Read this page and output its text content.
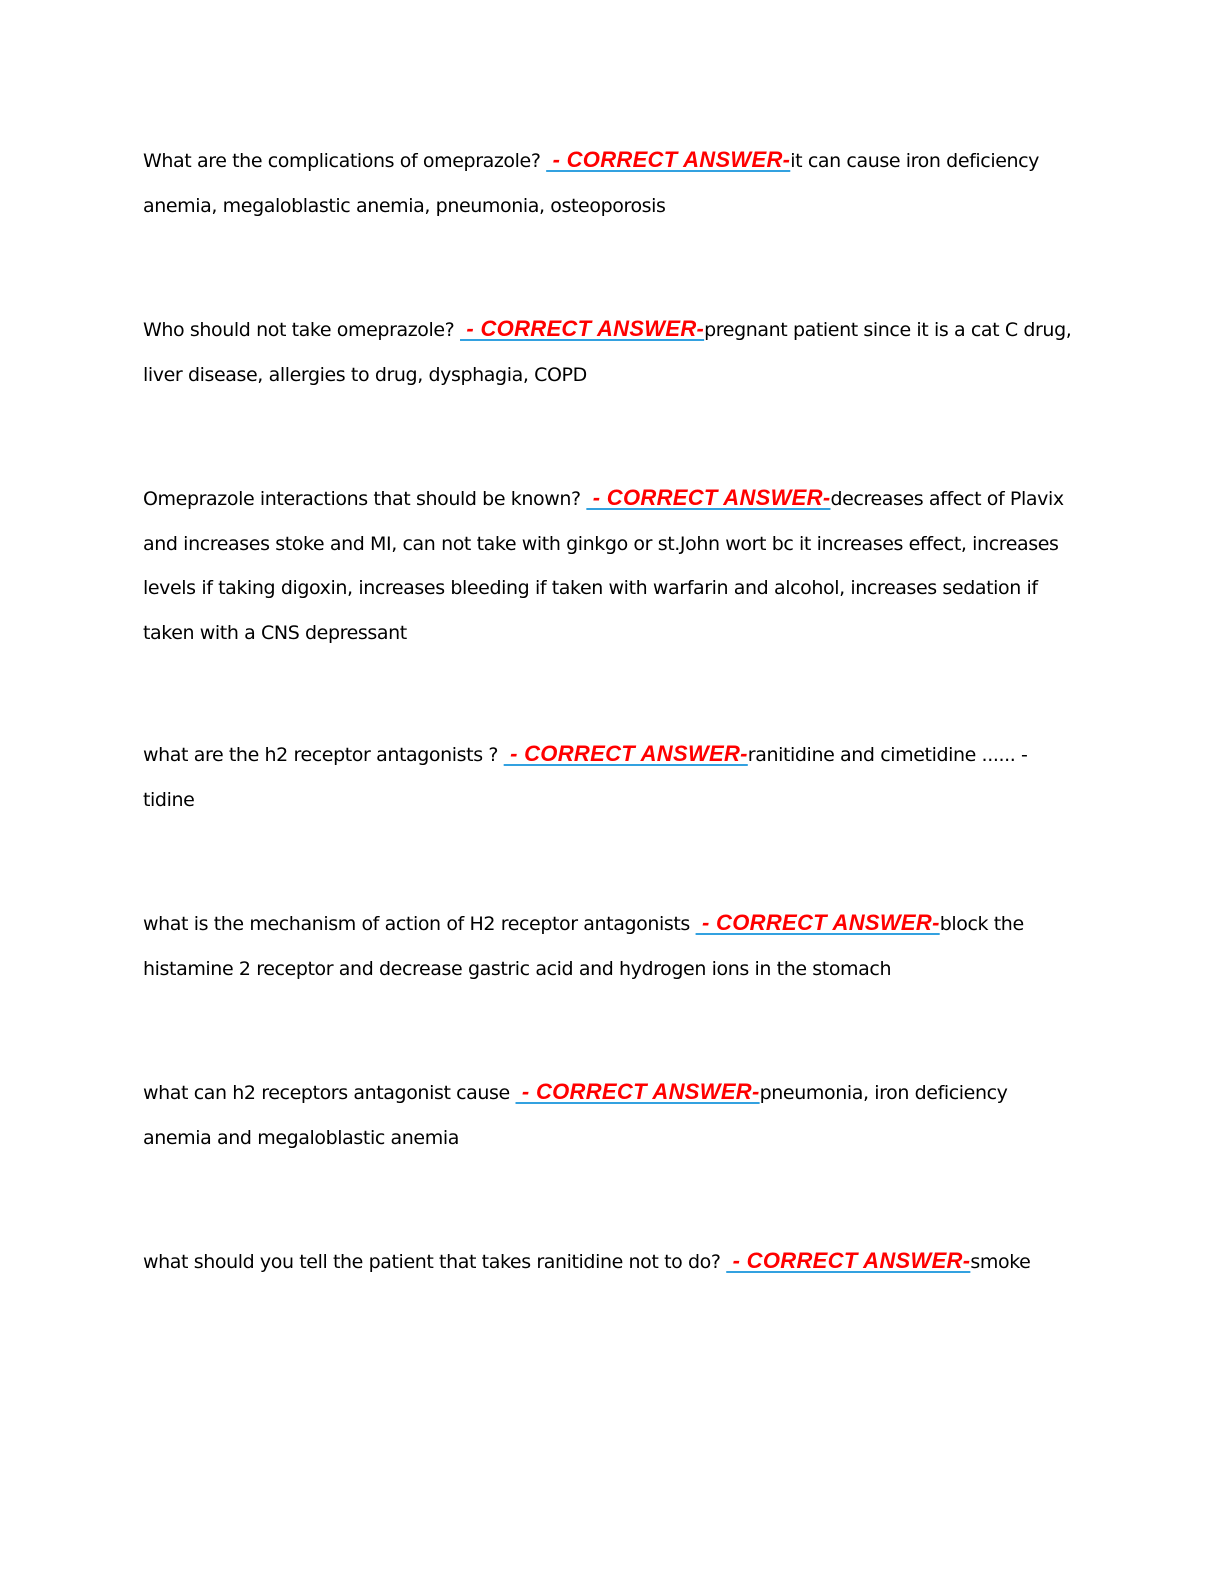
What are the complications of omeprazole?  - CORRECT ANSWER-it can cause iron deficiency anemia, megaloblastic anemia, pneumonia, osteoporosis

Who should not take omeprazole?  - CORRECT ANSWER-pregnant patient since it is a cat C drug, liver disease, allergies to drug, dysphagia, COPD

Omeprazole interactions that should be known?  - CORRECT ANSWER-decreases affect of Plavix and increases stoke and MI, can not take with ginkgo or st.John wort bc it increases effect, increases levels if taking digoxin, increases bleeding if taken with warfarin and alcohol, increases sedation if taken with a CNS depressant

what are the h2 receptor antagonists ?  - CORRECT ANSWER-ranitidine and cimetidine ...... -tidine

what is the mechanism of action of H2 receptor antagonists  - CORRECT ANSWER-block the histamine 2 receptor and decrease gastric acid and hydrogen ions in the stomach

what can h2 receptors antagonist cause  - CORRECT ANSWER-pneumonia, iron deficiency anemia and megaloblastic anemia

what should you tell the patient that takes ranitidine not to do?  - CORRECT ANSWER-smoke
